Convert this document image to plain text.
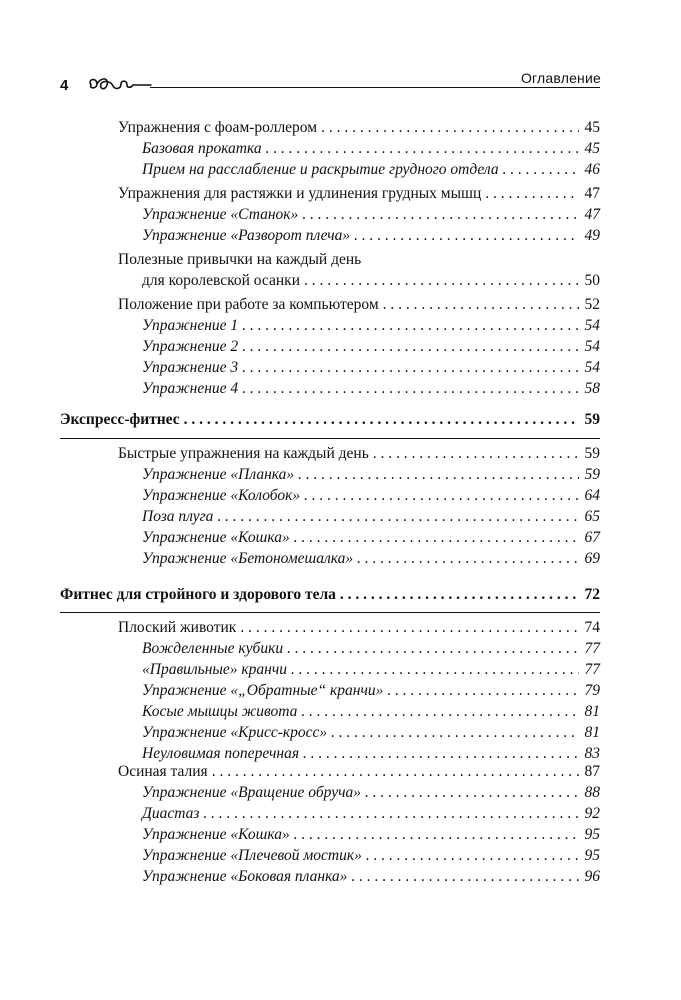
4	Оглавление
Упражнения с фоам-роллером . . .	45
Базовая прокатка . . .	45
Прием на расслабление и раскрытие грудного отдела . . .	46
Упражнения для растяжки и удлинения грудных мышц . . .	47
Упражнение «Станок» . . .	47
Упражнение «Разворот плеча» . . .	49
Полезные привычки на каждый день
для королевской осанки . . .	50
Положение при работе за компьютером . . .	52
Упражнение 1 . . .	54
Упражнение 2 . . .	54
Упражнение 3 . . .	54
Упражнение 4 . . .	58
Экспресс-фитнес . . .	59
Быстрые упражнения на каждый день . . .	59
Упражнение «Планка» . . .	59
Упражнение «Колобок» . . .	64
Поза плуга . . .	65
Упражнение «Кошка» . . .	67
Упражнение «Бетономешалка» . . .	69
Фитнес для стройного и здорового тела . . .	72
Плоский животик . . .	74
Вожделенные кубики . . .	77
«Правильные» кранчи . . .	77
Упражнение «„Обратные“ кранчи» . . .	79
Косые мышцы живота . . .	81
Упражнение «Крисс-кросс» . . .	81
Неуловимая поперечная . . .	83
Осиная талия . . .	87
Упражнение «Вращение обруча» . . .	88
Диастаз . . .	92
Упражнение «Кошка» . . .	95
Упражнение «Плечевой мостик» . . .	95
Упражнение «Боковая планка» . . .	96
